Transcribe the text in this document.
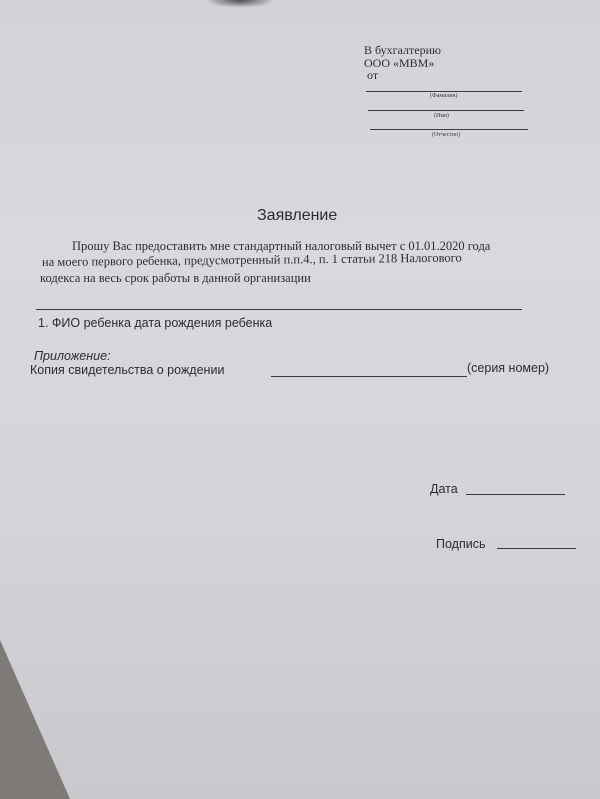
В бухгалтерию
ООО «МВМ»
от
(Фамилия)
(Имя)
(Отчество)
Заявление
Прошу Вас предоставить мне стандартный налоговый вычет с 01.01.2020 года
на моего первого ребенка, предусмотренный п.п.4., п. 1 статьи 218 Налогового
кодекса на весь срок работы в данной организации
1. ФИО ребенка дата рождения ребенка
Приложение:
Копия свидетельства о рождении	(серия номер)
Дата
Подпись
